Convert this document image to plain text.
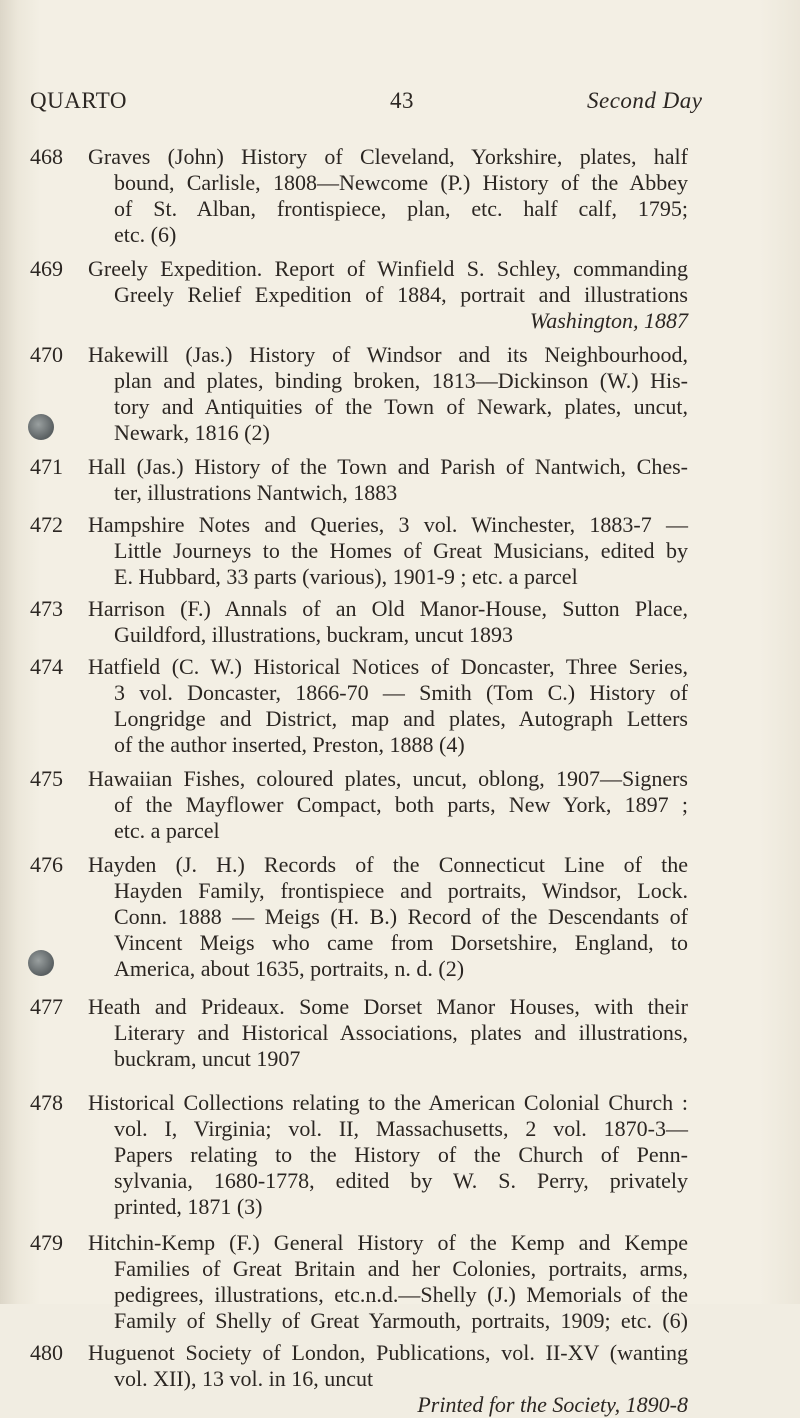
QUARTO	43	Second Day
468 Graves (John) History of Cleveland, Yorkshire, plates, half
bound, Carlisle, 1808—Newcome (P.) History of the Abbey
of St. Alban, frontispiece, plan, etc. half calf, 1795;
etc. (6)
469 Greely Expedition. Report of Winfield S. Schley, commanding
Greely Relief Expedition of 1884, portrait and illustrations
Washington, 1887
470 Hakewill (Jas.) History of Windsor and its Neighbourhood,
plan and plates, binding broken, 1813—Dickinson (W.) His-
tory and Antiquities of the Town of Newark, plates, uncut,
Newark, 1816 (2)
471 Hall (Jas.) History of the Town and Parish of Nantwich, Ches-
ter, illustrations Nantwich, 1883
472 Hampshire Notes and Queries, 3 vol. Winchester, 1883-7 —
Little Journeys to the Homes of Great Musicians, edited by
E. Hubbard, 33 parts (various), 1901-9 ; etc. a parcel
473 Harrison (F.) Annals of an Old Manor-House, Sutton Place,
Guildford, illustrations, buckram, uncut 1893
474 Hatfield (C. W.) Historical Notices of Doncaster, Three Series,
3 vol. Doncaster, 1866-70 — Smith (Tom C.) History of
Longridge and District, map and plates, Autograph Letters
of the author inserted, Preston, 1888 (4)
475 Hawaiian Fishes, coloured plates, uncut, oblong, 1907—Signers
of the Mayflower Compact, both parts, New York, 1897 ;
etc. a parcel
476 Hayden (J. H.) Records of the Connecticut Line of the
Hayden Family, frontispiece and portraits, Windsor, Lock.
Conn. 1888 — Meigs (H. B.) Record of the Descendants of
Vincent Meigs who came from Dorsetshire, England, to
America, about 1635, portraits, n. d. (2)
477 Heath and Prideaux. Some Dorset Manor Houses, with their
Literary and Historical Associations, plates and illustrations,
buckram, uncut 1907
478 Historical Collections relating to the American Colonial Church :
vol. I, Virginia; vol. II, Massachusetts, 2 vol. 1870-3—
Papers relating to the History of the Church of Penn-
sylvania, 1680-1778, edited by W. S. Perry, privately
printed, 1871 (3)
479 Hitchin-Kemp (F.) General History of the Kemp and Kempe
Families of Great Britain and her Colonies, portraits, arms,
pedigrees, illustrations, etc.n.d.—Shelly (J.) Memorials of the
Family of Shelly of Great Yarmouth, portraits, 1909; etc. (6)
480 Huguenot Society of London, Publications, vol. II-XV (wanting
vol. XII), 13 vol. in 16, uncut
Printed for the Society, 1890-8
